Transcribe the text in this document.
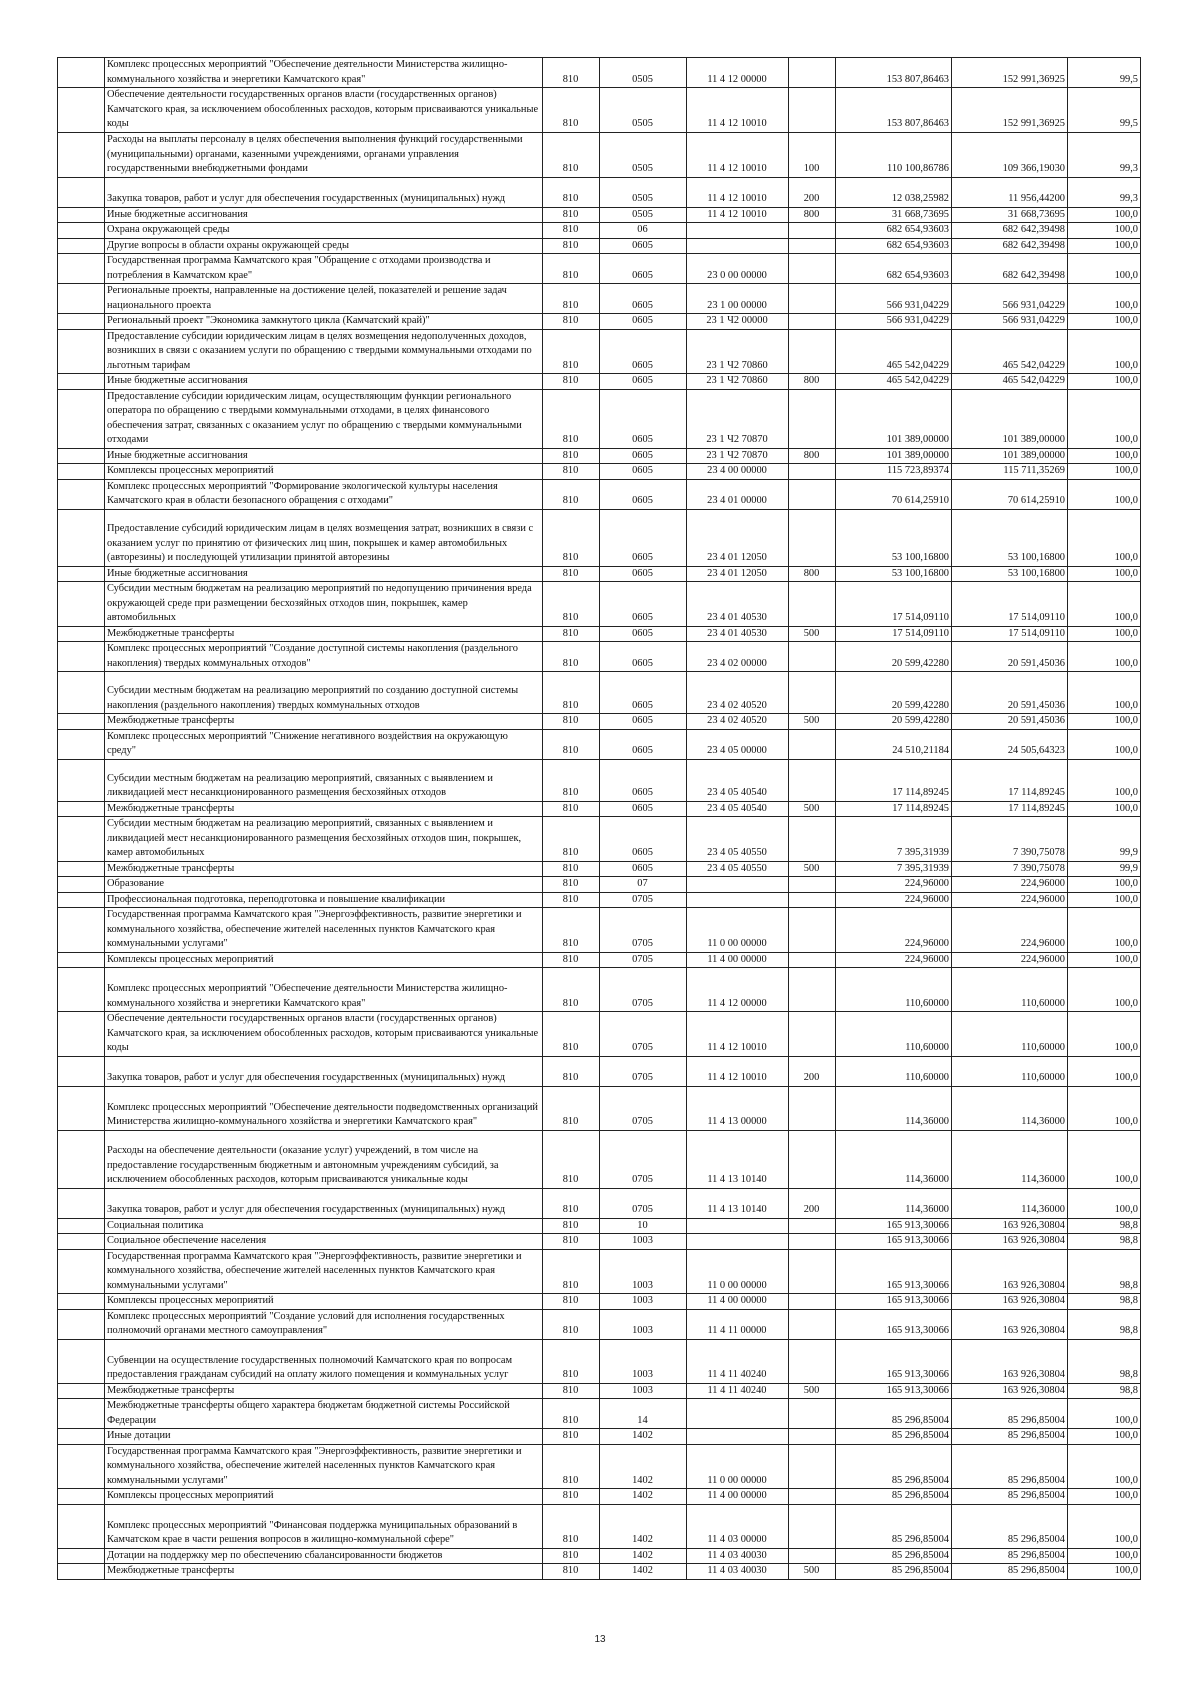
	Комплекс процессных мероприятий "Обеспечение деятельности Министерства жилищно-коммунального хозяйства и энергетики Камчатского края"	810	0505	11 4 12 00000		153 807,86463	152 991,36925	99,5
	Обеспечение деятельности государственных органов власти (государственных органов) Камчатского края, за исключением обособленных расходов, которым присваиваются уникальные коды	810	0505	11 4 12 10010		153 807,86463	152 991,36925	99,5
	Расходы на выплаты персоналу в целях обеспечения выполнения функций государственными (муниципальными) органами, казенными учреждениями, органами управления государственными внебюджетными фондами	810	0505	11 4 12 10010	100	110 100,86786	109 366,19030	99,3
	Закупка товаров, работ и услуг для обеспечения государственных (муниципальных) нужд	810	0505	11 4 12 10010	200	12 038,25982	11 956,44200	99,3
	Иные бюджетные ассигнования	810	0505	11 4 12 10010	800	31 668,73695	31 668,73695	100,0
	Охрана окружающей среды	810	06			682 654,93603	682 642,39498	100,0
	Другие вопросы в области охраны окружающей среды	810	0605			682 654,93603	682 642,39498	100,0
	Государственная программа Камчатского края "Обращение с отходами производства и потребления в Камчатском крае"	810	0605	23 0 00 00000		682 654,93603	682 642,39498	100,0
	Региональные проекты, направленные на достижение целей, показателей и решение задач национального проекта	810	0605	23 1 00 00000		566 931,04229	566 931,04229	100,0
	Региональный проект "Экономика замкнутого цикла (Камчатский край)"	810	0605	23 1 Ч2 00000		566 931,04229	566 931,04229	100,0
	Предоставление субсидии юридическим лицам в целях возмещения недополученных доходов, возникших в связи с оказанием услуги по обращению с твердыми коммунальными отходами по льготным тарифам	810	0605	23 1 Ч2 70860		465 542,04229	465 542,04229	100,0
	Иные бюджетные ассигнования	810	0605	23 1 Ч2 70860	800	465 542,04229	465 542,04229	100,0
	Предоставление субсидии юридическим лицам, осуществляющим функции регионального оператора по обращению с твердыми коммунальными отходами, в целях финансового обеспечения затрат, связанных с оказанием услуг по обращению с твердыми коммунальными отходами	810	0605	23 1 Ч2 70870		101 389,00000	101 389,00000	100,0
	Иные бюджетные ассигнования	810	0605	23 1 Ч2 70870	800	101 389,00000	101 389,00000	100,0
	Комплексы процессных мероприятий	810	0605	23 4 00 00000		115 723,89374	115 711,35269	100,0
	Комплекс процессных мероприятий "Формирование экологической культуры населения Камчатского края в области безопасного обращения с отходами"	810	0605	23 4 01 00000		70 614,25910	70 614,25910	100,0
	Предоставление субсидий юридическим лицам в целях возмещения затрат, возникших в связи с оказанием услуг по принятию от физических лиц шин, покрышек и камер автомобильных (авторезины) и последующей утилизации принятой авторезины	810	0605	23 4 01 12050		53 100,16800	53 100,16800	100,0
	Иные бюджетные ассигнования	810	0605	23 4 01 12050	800	53 100,16800	53 100,16800	100,0
	Субсидии местным бюджетам на реализацию мероприятий по недопущению причинения вреда окружающей среде при размещении бесхозяйных отходов шин, покрышек, камер автомобильных	810	0605	23 4 01 40530		17 514,09110	17 514,09110	100,0
	Межбюджетные трансферты	810	0605	23 4 01 40530	500	17 514,09110	17 514,09110	100,0
	Комплекс процессных мероприятий "Создание доступной системы накопления (раздельного накопления) твердых коммунальных отходов"	810	0605	23 4 02 00000		20 599,42280	20 591,45036	100,0
	Субсидии местным бюджетам на реализацию мероприятий по созданию доступной системы накопления (раздельного накопления) твердых коммунальных отходов	810	0605	23 4 02 40520		20 599,42280	20 591,45036	100,0
	Межбюджетные трансферты	810	0605	23 4 02 40520	500	20 599,42280	20 591,45036	100,0
	Комплекс процессных мероприятий "Снижение негативного воздействия на окружающую среду"	810	0605	23 4 05 00000		24 510,21184	24 505,64323	100,0
	Субсидии местным бюджетам на реализацию мероприятий, связанных с выявлением и ликвидацией мест несанкционированного размещения бесхозяйных отходов	810	0605	23 4 05 40540		17 114,89245	17 114,89245	100,0
	Межбюджетные трансферты	810	0605	23 4 05 40540	500	17 114,89245	17 114,89245	100,0
	Субсидии местным бюджетам на реализацию мероприятий, связанных с выявлением и ликвидацией мест несанкционированного размещения бесхозяйных отходов шин, покрышек, камер автомобильных	810	0605	23 4 05 40550		7 395,31939	7 390,75078	99,9
	Межбюджетные трансферты	810	0605	23 4 05 40550	500	7 395,31939	7 390,75078	99,9
	Образование	810	07			224,96000	224,96000	100,0
	Профессиональная подготовка, переподготовка и повышение квалификации	810	0705			224,96000	224,96000	100,0
	Государственная программа Камчатского края "Энергоэффективность, развитие энергетики и коммунального хозяйства, обеспечение жителей населенных пунктов Камчатского края коммунальными услугами"	810	0705	11 0 00 00000		224,96000	224,96000	100,0
	Комплексы процессных мероприятий	810	0705	11 4 00 00000		224,96000	224,96000	100,0
	Комплекс процессных мероприятий "Обеспечение деятельности Министерства жилищно-коммунального хозяйства и энергетики Камчатского края"	810	0705	11 4 12 00000		110,60000	110,60000	100,0
	Обеспечение деятельности государственных органов власти (государственных органов) Камчатского края, за исключением обособленных расходов, которым присваиваются уникальные коды	810	0705	11 4 12 10010		110,60000	110,60000	100,0
	Закупка товаров, работ и услуг для обеспечения государственных (муниципальных) нужд	810	0705	11 4 12 10010	200	110,60000	110,60000	100,0
	Комплекс процессных мероприятий "Обеспечение деятельности подведомственных организаций Министерства жилищно-коммунального хозяйства и энергетики Камчатского края"	810	0705	11 4 13 00000		114,36000	114,36000	100,0
	Расходы на обеспечение деятельности (оказание услуг) учреждений, в том числе на предоставление государственным бюджетным и автономным учреждениям субсидий, за исключением обособленных расходов, которым присваиваются уникальные коды	810	0705	11 4 13 10140		114,36000	114,36000	100,0
	Закупка товаров, работ и услуг для обеспечения государственных (муниципальных) нужд	810	0705	11 4 13 10140	200	114,36000	114,36000	100,0
	Социальная политика	810	10			165 913,30066	163 926,30804	98,8
	Социальное обеспечение населения	810	1003			165 913,30066	163 926,30804	98,8
	Государственная программа Камчатского края "Энергоэффективность, развитие энергетики и коммунального хозяйства, обеспечение жителей населенных пунктов Камчатского края коммунальными услугами"	810	1003	11 0 00 00000		165 913,30066	163 926,30804	98,8
	Комплексы процессных мероприятий	810	1003	11 4 00 00000		165 913,30066	163 926,30804	98,8
	Комплекс процессных мероприятий "Создание условий для исполнения государственных полномочий органами местного самоуправления"	810	1003	11 4 11 00000		165 913,30066	163 926,30804	98,8
	Субвенции на осуществление государственных полномочий Камчатского края по вопросам предоставления гражданам субсидий на оплату жилого помещения и коммунальных услуг	810	1003	11 4 11 40240		165 913,30066	163 926,30804	98,8
	Межбюджетные трансферты	810	1003	11 4 11 40240	500	165 913,30066	163 926,30804	98,8
	Межбюджетные трансферты общего характера бюджетам бюджетной системы Российской Федерации	810	14			85 296,85004	85 296,85004	100,0
	Иные дотации	810	1402			85 296,85004	85 296,85004	100,0
	Государственная программа Камчатского края "Энергоэффективность, развитие энергетики и коммунального хозяйства, обеспечение жителей населенных пунктов Камчатского края коммунальными услугами"	810	1402	11 0 00 00000		85 296,85004	85 296,85004	100,0
	Комплексы процессных мероприятий	810	1402	11 4 00 00000		85 296,85004	85 296,85004	100,0
	Комплекс процессных мероприятий "Финансовая поддержка муниципальных образований в Камчатском крае в части решения вопросов в жилищно-коммунальной сфере"	810	1402	11 4 03 00000		85 296,85004	85 296,85004	100,0
	Дотации на поддержку мер по обеспечению сбалансированности бюджетов	810	1402	11 4 03 40030		85 296,85004	85 296,85004	100,0
	Межбюджетные трансферты	810	1402	11 4 03 40030	500	85 296,85004	85 296,85004	100,0
13
